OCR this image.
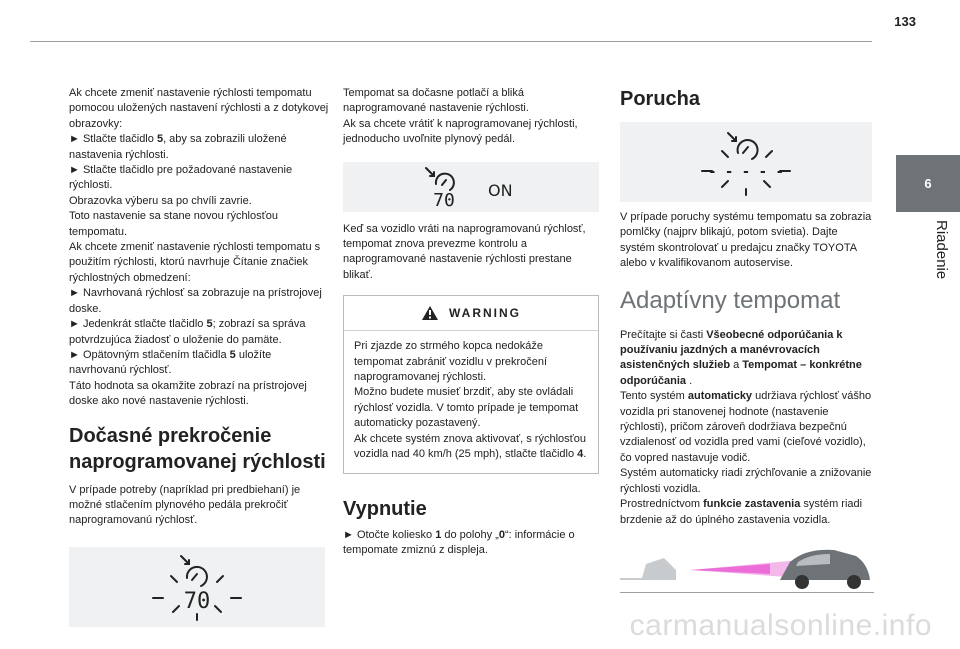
133
6
Riadenie

Ak chcete zmeniť nastavenie rýchlosti tempomatu pomocou uložených nastavení rýchlosti a z dotykovej obrazovky:

► Stlačte tlačidlo 5, aby sa zobrazili uložené nastavenia rýchlosti.

► Stlačte tlačidlo pre požadované nastavenie rýchlosti.

Obrazovka výberu sa po chvíli zavrie.

Toto nastavenie sa stane novou rýchlosťou tempomatu.

Ak chcete zmeniť nastavenie rýchlosti tempomatu s použitím rýchlosti, ktorú navrhuje Čítanie značiek rýchlostných obmedzení:

► Navrhovaná rýchlosť sa zobrazuje na prístrojovej doske.

► Jedenkrát stlačte tlačidlo 5; zobrazí sa správa potvrdzujúca žiadosť o uloženie do pamäte.

► Opätovným stlačením tlačidla 5 uložíte navrhovanú rýchlosť.

Táto hodnota sa okamžite zobrazí na prístrojovej doske ako nové nastavenie rýchlosti.

Dočasné prekročenie naprogramovanej rýchlosti

V prípade potreby (napríklad pri predbiehaní) je možné stlačením plynového pedála prekročiť naprogramovanú rýchlosť.

70

Tempomat sa dočasne potlačí a bliká naprogramované nastavenie rýchlosti.

Ak sa chcete vrátiť k naprogramovanej rýchlosti, jednoducho uvoľnite plynový pedál.

70 ON

Keď sa vozidlo vráti na naprogramovanú rýchlosť, tempomat znova prevezme kontrolu a naprogramované nastavenie rýchlosti prestane blikať.

WARNING

Pri zjazde zo strmého kopca nedokáže tempomat zabrániť vozidlu v prekročení naprogramovanej rýchlosti.

Možno budete musieť brzdiť, aby ste ovládali rýchlosť vozidla. V tomto prípade je tempomat automaticky pozastavený.

Ak chcete systém znova aktivovať, s rýchlosťou vozidla nad 40 km/h (25 mph), stlačte tlačidlo 4.

Vypnutie

► Otočte koliesko 1 do polohy „0“: informácie o tempomate zmiznú z displeja.

Porucha

- - - - -

V prípade poruchy systému tempomatu sa zobrazia pomlčky (najprv blikajú, potom svietia). Dajte systém skontrolovať u predajcu značky TOYOTA alebo v kvalifikovanom autoservise.

Adaptívny tempomat

Prečítajte si časti Všeobecné odporúčania k používaniu jazdných a manévrovacích asistenčných služieb a Tempomat – konkrétne odporúčania .

Tento systém automaticky udržiava rýchlosť vášho vozidla pri stanovenej hodnote (nastavenie rýchlosti), pričom zároveň dodržiava bezpečnú vzdialenosť od vozidla pred vami (cieľové vozidlo), čo vopred nastavuje vodič.

Systém automaticky riadi zrýchľovanie a znižovanie rýchlosti vozidla.

Prostredníctvom funkcie zastavenia systém riadi brzdenie až do úplného zastavenia vozidla.

carmanualsonline.info
